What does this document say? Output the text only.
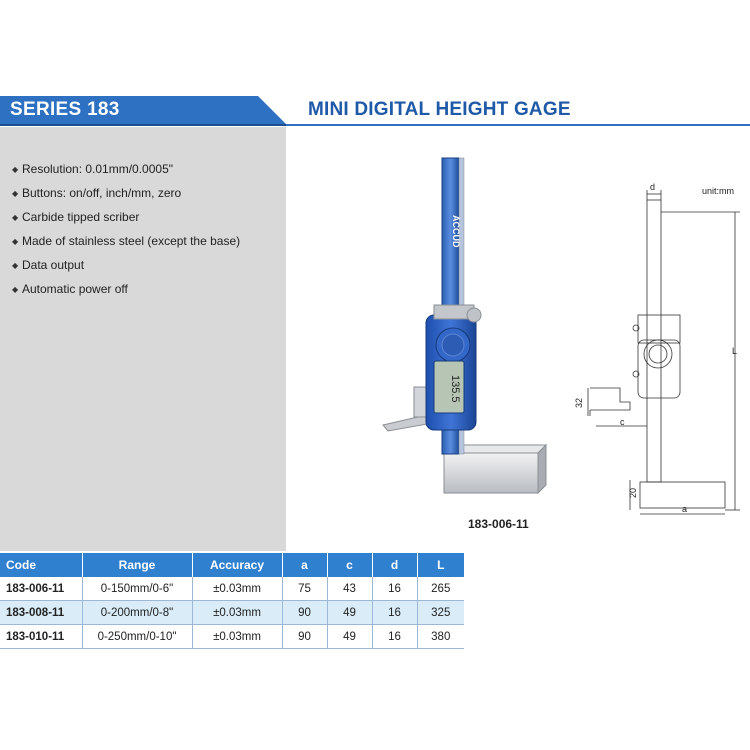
SERIES 183	MINI DIGITAL HEIGHT GAGE
◆ Resolution: 0.01mm/0.0005"
◆ Buttons: on/off, inch/mm, zero
◆ Carbide tipped scriber
◆ Made of stainless steel (except the base)
◆ Data output
◆ Automatic power off
ACCUD
135.5
183-006-11
d
L
32
c
20
a
unit:mm
Code	Range	Accuracy	a	c	d	L
183-006-11	0-150mm/0-6"	±0.03mm	75	43	16	265
183-008-11	0-200mm/0-8"	±0.03mm	90	49	16	325
183-010-11	0-250mm/0-10"	±0.03mm	90	49	16	380
